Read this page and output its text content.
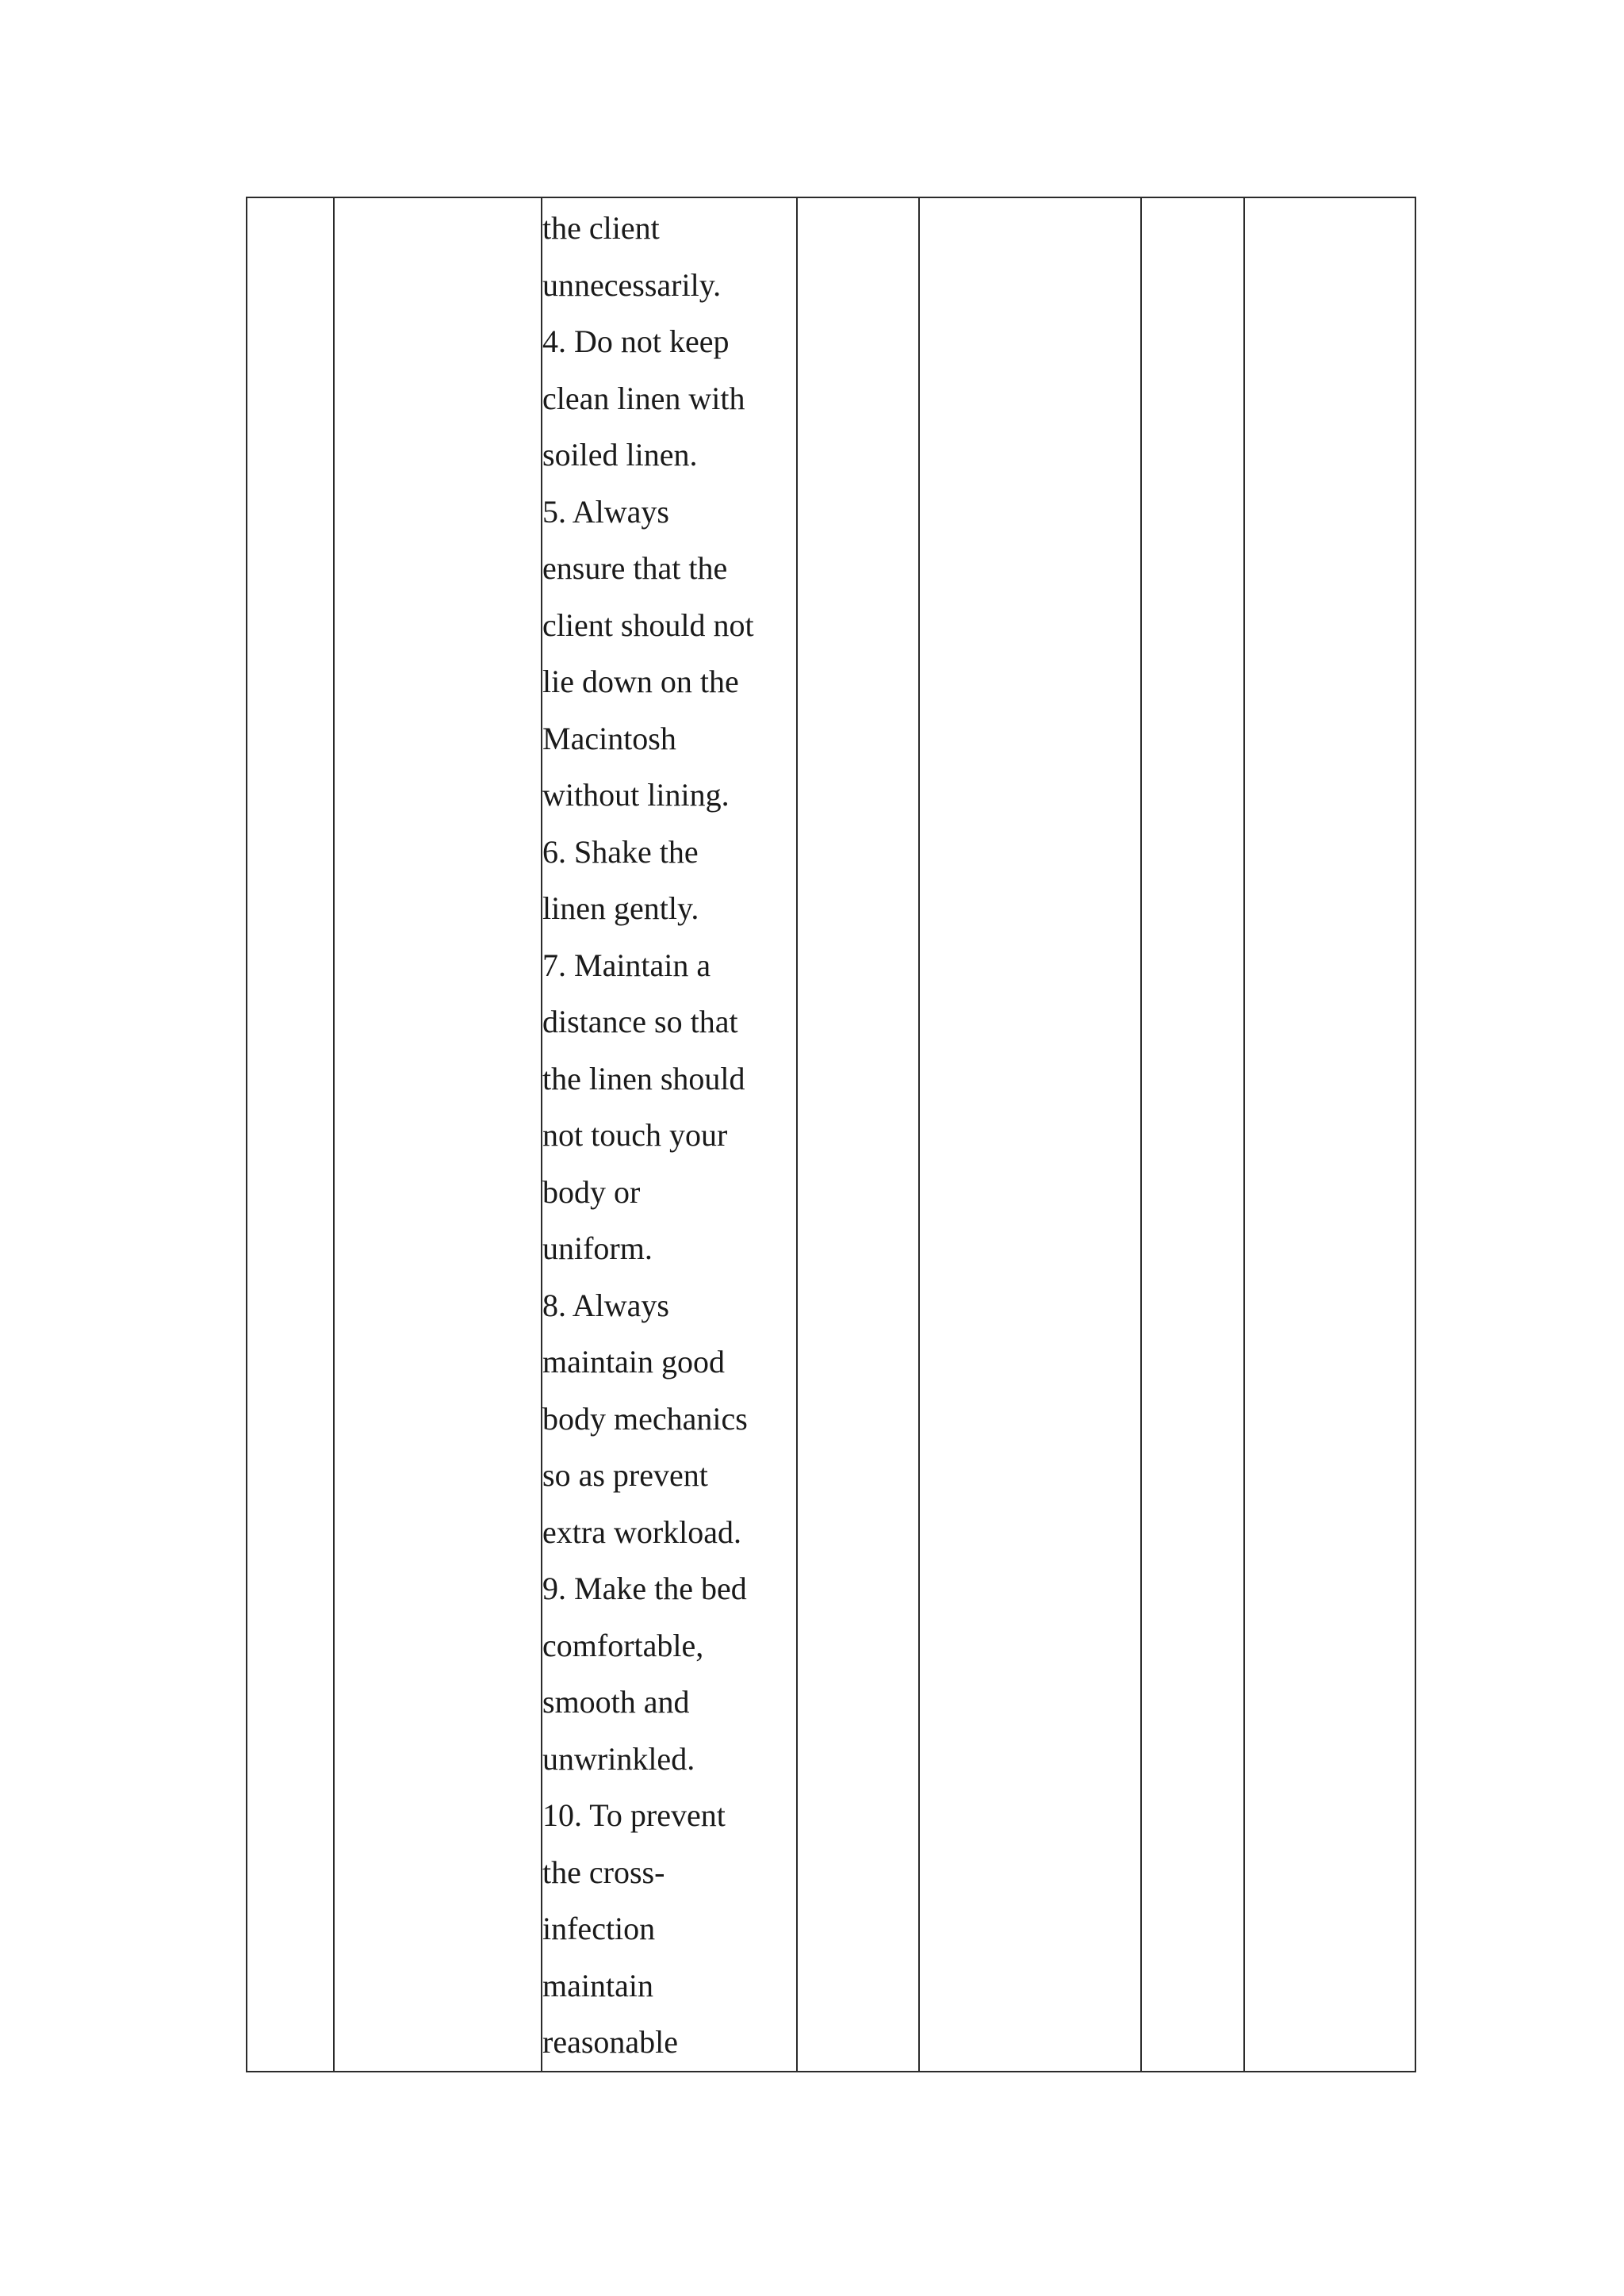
the client
unnecessarily.
4. Do not keep
clean linen with
soiled linen.
5. Always
ensure that the
client should not
lie down on the
Macintosh
without lining.
6. Shake the
linen gently.
7. Maintain a
distance so that
the linen should
not touch your
body or
uniform.
8. Always
maintain good
body mechanics
so as prevent
extra workload.
9. Make the bed
comfortable,
smooth and
unwrinkled.
10. To prevent
the cross-
infection
maintain
reasonable
